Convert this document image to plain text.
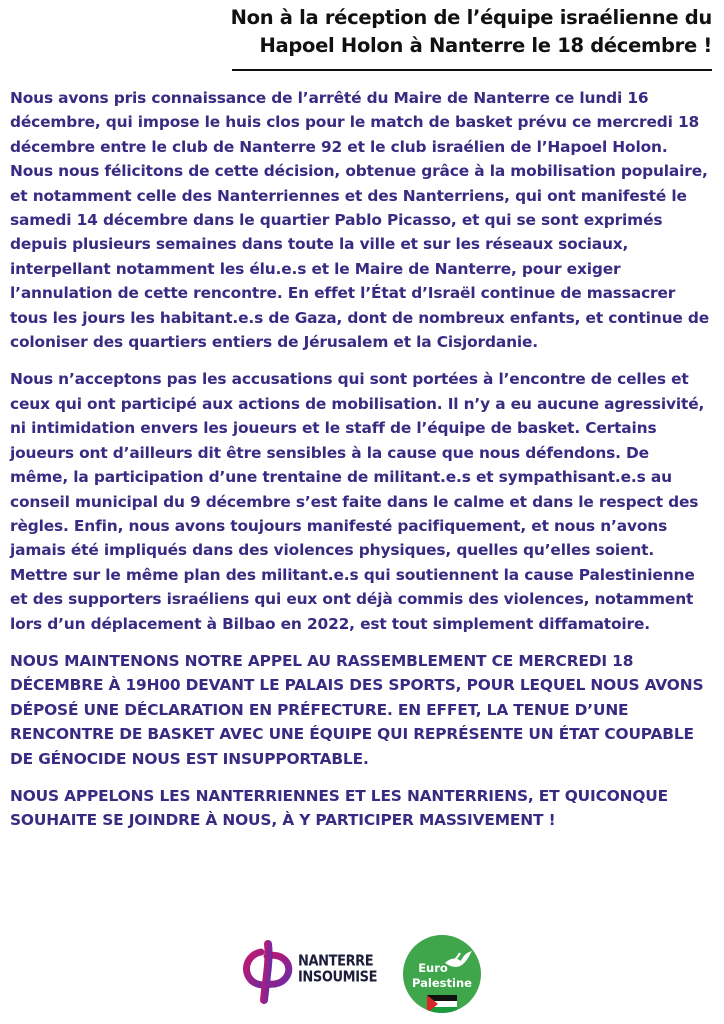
Non à la réception de l’équipe israélienne du
Hapoel Holon à Nanterre le 18 décembre !

Nous avons pris connaissance de l’arrêté du Maire de Nanterre ce lundi 16 décembre, qui impose le huis clos pour le match de basket prévu ce mercredi 18 décembre entre le club de Nanterre 92 et le club israélien de l’Hapoel Holon. Nous nous félicitons de cette décision, obtenue grâce à la mobilisation populaire, et notamment celle des Nanterriennes et des Nanterriens, qui ont manifesté le samedi 14 décembre dans le quartier Pablo Picasso, et qui se sont exprimés depuis plusieurs semaines dans toute la ville et sur les réseaux sociaux, interpellant notamment les élu.e.s et le Maire de Nanterre, pour exiger l’annulation de cette rencontre. En effet l’État d’Israël continue de massacrer tous les jours les habitant.e.s de Gaza, dont de nombreux enfants, et continue de coloniser des quartiers entiers de Jérusalem et la Cisjordanie.

Nous n’acceptons pas les accusations qui sont portées à l’encontre de celles et ceux qui ont participé aux actions de mobilisation. Il n’y a eu aucune agressivité, ni intimidation envers les joueurs et le staff de l’équipe de basket. Certains joueurs ont d’ailleurs dit être sensibles à la cause que nous défendons. De même, la participation d’une trentaine de militant.e.s et sympathisant.e.s au conseil municipal du 9 décembre s’est faite dans le calme et dans le respect des règles. Enfin, nous avons toujours manifesté pacifiquement, et nous n’avons jamais été impliqués dans des violences physiques, quelles qu’elles soient. Mettre sur le même plan des militant.e.s qui soutiennent la cause Palestinienne et des supporters israéliens qui eux ont déjà commis des violences, notamment lors d’un déplacement à Bilbao en 2022, est tout simplement diffamatoire.

NOUS MAINTENONS NOTRE APPEL AU RASSEMBLEMENT CE MERCREDI 18 DÉCEMBRE À 19H00 DEVANT LE PALAIS DES SPORTS, POUR LEQUEL NOUS AVONS DÉPOSÉ UNE DÉCLARATION EN PRÉFECTURE. EN EFFET, LA TENUE D’UNE RENCONTRE DE BASKET AVEC UNE ÉQUIPE QUI REPRÉSENTE UN ÉTAT COUPABLE DE GÉNOCIDE NOUS EST INSUPPORTABLE.

NOUS APPELONS LES NANTERRIENNES ET LES NANTERRIENS, ET QUICONQUE SOUHAITE SE JOINDRE À NOUS, À Y PARTICIPER MASSIVEMENT !

NANTERRE
INSOUMISE
Euro
Palestine
